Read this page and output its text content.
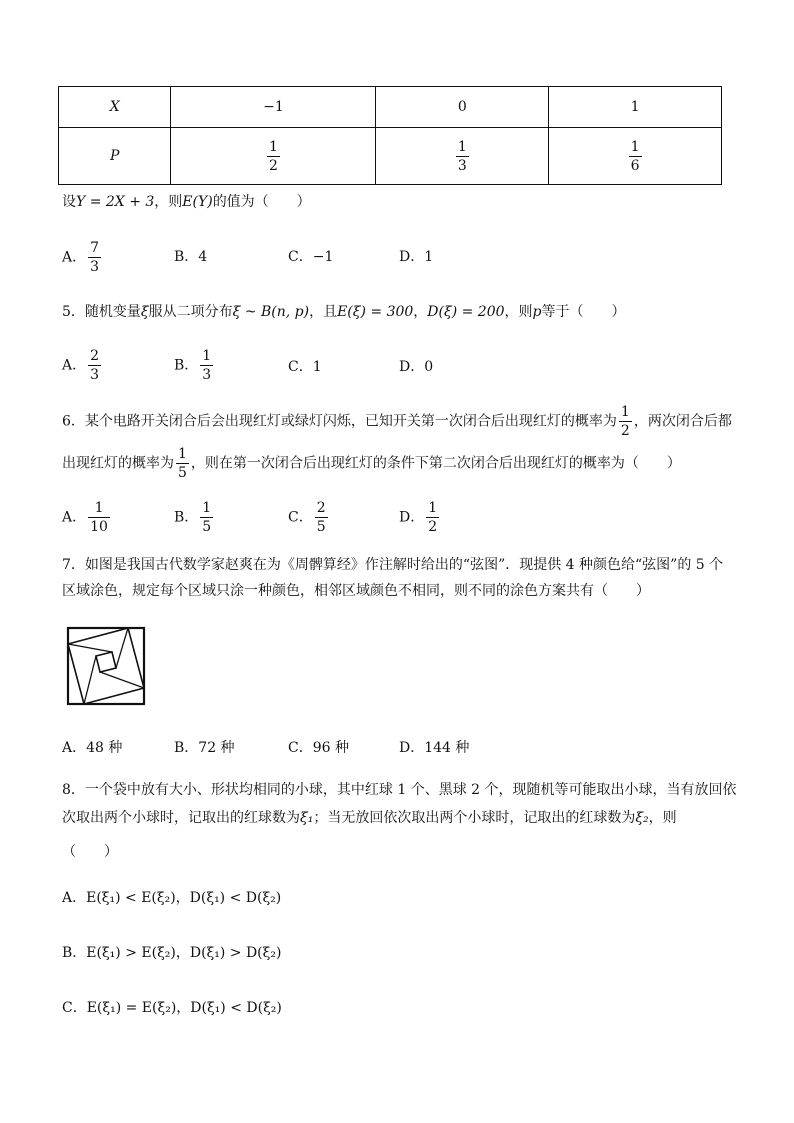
X	−1	0	1
P	$\frac{1}{2}$	$\frac{1}{3}$	$\frac{1}{6}$
设Y = 2X + 3，则E(Y)的值为（　　）
A． $\frac{7}{3}$	B．4	C．−1	D．1
5．随机变量ξ服从二项分布ξ ~ B(n, p)，且E(ξ) = 300，D(ξ) = 200，则p等于（　　）
A． $\frac{2}{3}$	B． $\frac{1}{3}$	C．1	D．0
6．某个电路开关闭合后会出现红灯或绿灯闪烁，已知开关第一次闭合后出现红灯的概率为 $\frac{1}{2}$ ，两次闭合后都
出现红灯的概率为 $\frac{1}{5}$ ，则在第一次闭合后出现红灯的条件下第二次闭合后出现红灯的概率为（　　）
A． $\frac{1}{10}$	B． $\frac{1}{5}$	C． $\frac{2}{5}$	D． $\frac{1}{2}$
7．如图是我国古代数学家赵爽在为《周髀算经》作注解时给出的“弦图”．现提供 4 种颜色给“弦图”的 5 个
区域涂色，规定每个区域只涂一种颜色，相邻区域颜色不相同，则不同的涂色方案共有（　　）
A．48 种	B．72 种	C．96 种	D．144 种
8．一个袋中放有大小、形状均相同的小球，其中红球 1 个、黑球 2 个，现随机等可能取出小球，当有放回依
次取出两个小球时，记取出的红球数为ξ₁；当无放回依次取出两个小球时，记取出的红球数为ξ₂，则
（　　）
A．E(ξ₁) < E(ξ₂)，D(ξ₁) < D(ξ₂)
B．E(ξ₁) > E(ξ₂)，D(ξ₁) > D(ξ₂)
C．E(ξ₁) = E(ξ₂)，D(ξ₁) < D(ξ₂)
